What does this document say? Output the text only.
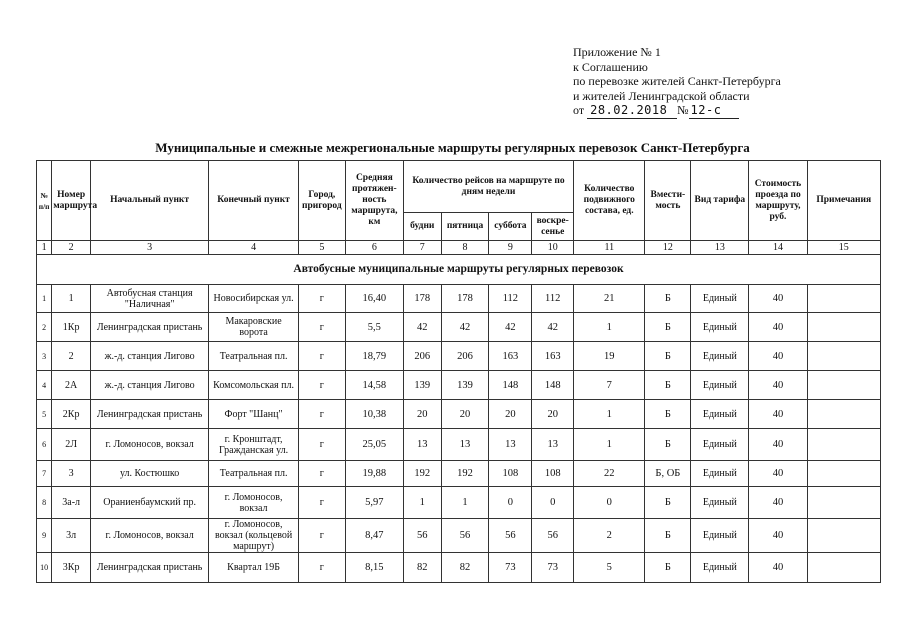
Приложение № 1
к Соглашению
по перевозке жителей Санкт-Петербурга
и жителей Ленинградской области
от 28.02.2018 № 12-с
Муниципальные и смежные межрегиональные маршруты регулярных перевозок Санкт-Петербурга
№ п/п	Номер маршрута	Начальный пункт	Конечный пункт	Город, пригород	Средняя протяжен-ность маршрута, км	Количество рейсов на маршруте по дням недели				Количество подвижного состава, ед.	Вмести-мость	Вид тарифа	Стоимость проезда по маршруту, руб.	Примечания
						будни	пятница	суббота	воскре-сенье					
1	2	3	4	5	6	7	8	9	10	11	12	13	14	15
Автобусные муниципальные маршруты регулярных перевозок														
1	1	Автобусная станция "Наличная"	Новосибирская ул.	г	16,40	178	178	112	112	21	Б	Единый	40	
2	1Кр	Ленинградская пристань	Макаровские ворота	г	5,5	42	42	42	42	1	Б	Единый	40	
3	2	ж.-д. станция Лигово	Театральная пл.	г	18,79	206	206	163	163	19	Б	Единый	40	
4	2А	ж.-д. станция Лигово	Комсомольская пл.	г	14,58	139	139	148	148	7	Б	Единый	40	
5	2Кр	Ленинградская пристань	Форт "Шанц"	г	10,38	20	20	20	20	1	Б	Единый	40	
6	2Л	г. Ломоносов, вокзал	г. Кронштадт, Гражданская ул.	г	25,05	13	13	13	13	1	Б	Единый	40	
7	3	ул. Костюшко	Театральная пл.	г	19,88	192	192	108	108	22	Б, ОБ	Единый	40	
8	3а-л	Ораниенбаумский пр.	г. Ломоносов, вокзал	г	5,97	1	1	0	0	0	Б	Единый	40	
9	3л	г. Ломоносов, вокзал	г. Ломоносов, вокзал (кольцевой маршрут)	г	8,47	56	56	56	56	2	Б	Единый	40	
10	3Кр	Ленинградская пристань	Квартал 19Б	г	8,15	82	82	73	73	5	Б	Единый	40	
